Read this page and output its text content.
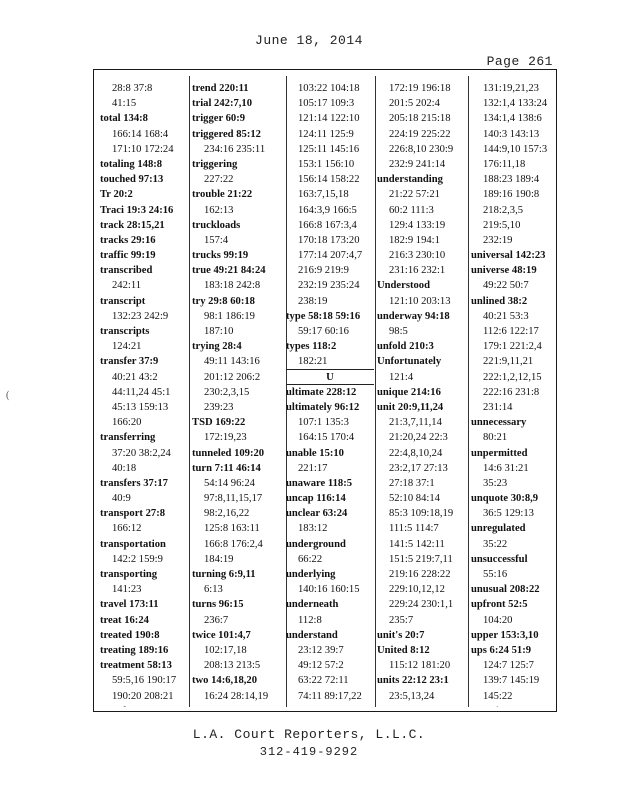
June 18, 2014
Page 261
28:8 37:8
41:15
total 134:8
166:14 168:4
171:10 172:24
totaling 148:8
touched 97:13
Tr 20:2
Traci 19:3 24:16
track 28:15,21
tracks 29:16
traffic 99:19
transcribed
242:11
transcript
132:23 242:9
transcripts
124:21
transfer 37:9
40:21 43:2
44:11,24 45:1
45:13 159:13
166:20
transferring
37:20 38:2,24
40:18
transfers 37:17
40:9
transport 27:8
166:12
transportation
142:2 159:9
transporting
141:23
travel 173:11
treat 16:24
treated 190:8
treating 189:16
treatment 58:13
59:5,16 190:17
190:20 208:21
trend 220:11
trial 242:7,10
trigger 60:9
triggered 85:12
234:16 235:11
triggering
227:22
trouble 21:22
162:13
truckloads
157:4
trucks 99:19
true 49:21 84:24
183:18 242:8
try 29:8 60:18
98:1 186:19
187:10
trying 28:4
49:11 143:16
201:12 206:2
230:2,3,15
239:23
TSD 169:22
172:19,23
tunneled 109:20
turn 7:11 46:14
54:14 96:24
97:8,11,15,17
98:2,16,22
125:8 163:11
166:8 176:2,4
184:19
turning 6:9,11
6:13
turns 96:15
236:7
twice 101:4,7
102:17,18
208:13 213:5
two 14:6,18,20
16:24 28:14,19
103:22 104:18
105:17 109:3
121:14 122:10
124:11 125:9
125:11 145:16
153:1 156:10
156:14 158:22
163:7,15,18
164:3,9 166:5
166:8 167:3,4
170:18 173:20
177:14 207:4,7
216:9 219:9
232:19 235:24
238:19
type 58:18 59:16
59:17 60:16
types 118:2
182:21
U
ultimate 228:12
ultimately 96:12
107:1 135:3
164:15 170:4
unable 15:10
221:17
unaware 118:5
uncap 116:14
unclear 63:24
183:12
underground
66:22
underlying
140:16 160:15
underneath
112:8
understand
23:12 39:7
49:12 57:2
63:22 72:11
74:11 89:17,22
172:19 196:18
201:5 202:4
205:18 215:18
224:19 225:22
226:8,10 230:9
232:9 241:14
understanding
21:22 57:21
60:2 111:3
129:4 133:19
182:9 194:1
216:3 230:10
231:16 232:1
Understood
121:10 203:13
underway 94:18
98:5
unfold 210:3
Unfortunately
121:4
unique 214:16
unit 20:9,11,24
21:3,7,11,14
21:20,24 22:3
22:4,8,10,24
23:2,17 27:13
27:18 37:1
52:10 84:14
85:3 109:18,19
111:5 114:7
141:5 142:11
151:5 219:7,11
219:16 228:22
229:10,12,12
229:24 230:1,1
235:7
unit's 20:7
United 8:12
115:12 181:20
units 22:12 23:1
23:5,13,24
131:19,21,23
132:1,4 133:24
134:1,4 138:6
140:3 143:13
144:9,10 157:3
176:11,18
188:23 189:4
189:16 190:8
218:2,3,5
219:5,10
232:19
universal 142:23
universe 48:19
49:22 50:7
unlined 38:2
40:21 53:3
112:6 122:17
179:1 221:2,4
221:9,11,21
222:1,2,12,15
222:16 231:8
231:14
unnecessary
80:21
unpermitted
14:6 31:21
35:23
unquote 30:8,9
36:5 129:13
unregulated
35:22
unsuccessful
55:16
unusual 208:22
upfront 52:5
104:20
upper 153:3,10
ups 6:24 51:9
124:7 125:7
139:7 145:19
145:22
L.A. Court Reporters, L.L.C.
312-419-9292
(
